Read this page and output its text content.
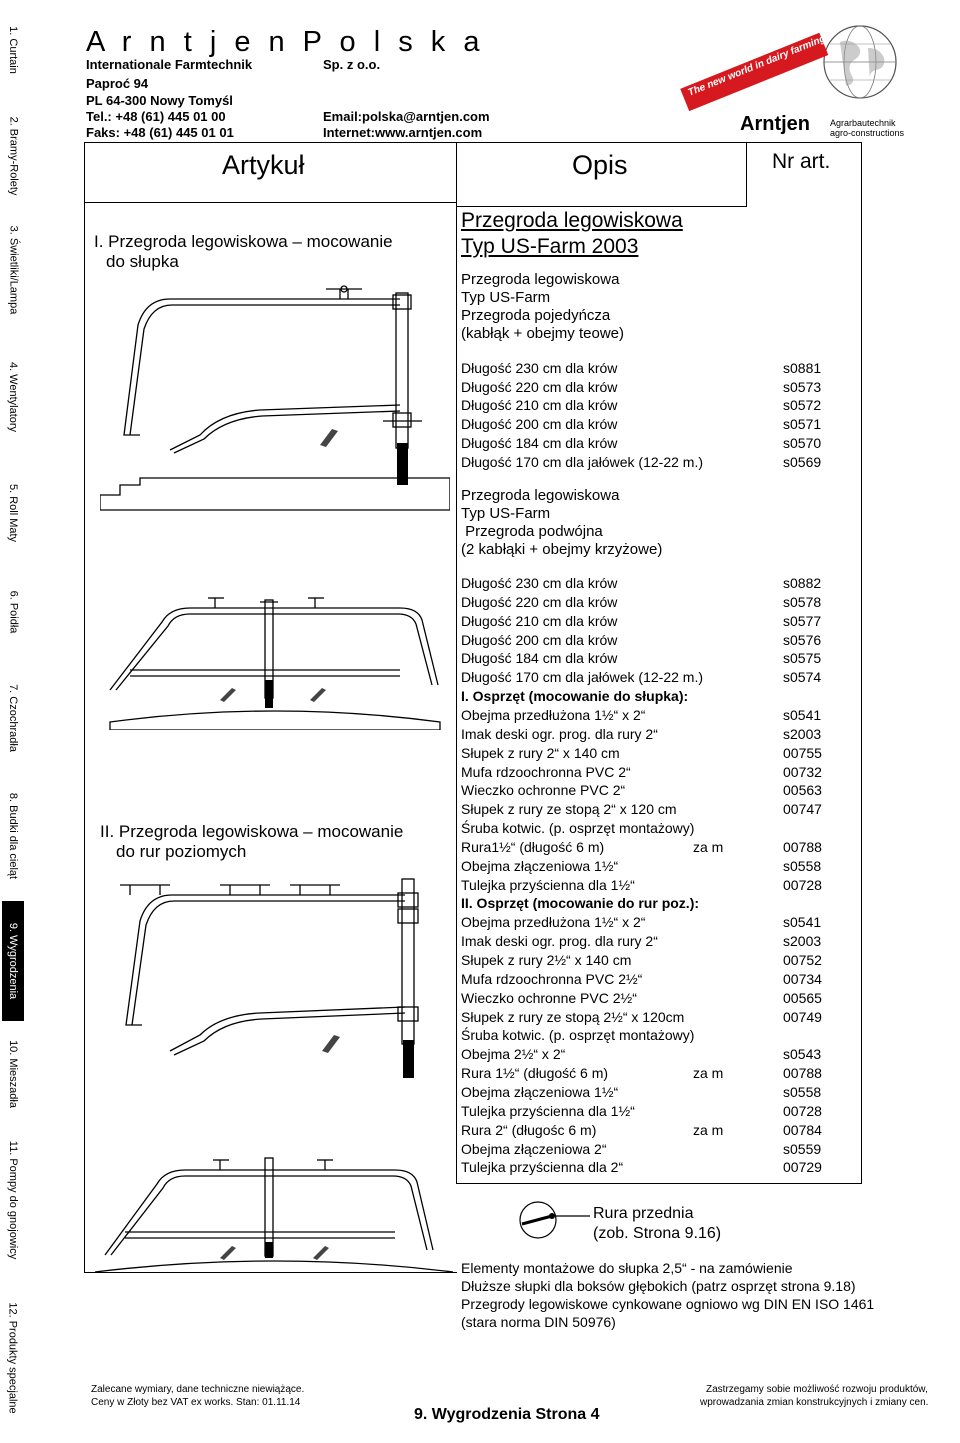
1. Curtain
2. Bramy-Rolety
3. Świetliki/Lampa
4. Wentylatory
5. Roll Maty
6. Poidła
7. Czochradła
8. Budki dla cieląt
9. Wygrodzenia
10. Mieszadła
11. Pompy do gnojowicy
12. Produkty specjalne
A r n t j e n P o l s k a
Internationale Farmtechnik	Sp. z o.o.
Paproć 94
PL 64-300 Nowy Tomyśl
Tel.: +48 (61) 445 01 00
Faks: +48 (61) 445 01 01
Email:polska@arntjen.com
Internet:www.arntjen.com
The new world in dairy farming
Arntjen Agrarbautechnik
agro-constructions
Artykuł	Opis	Nr art.
I. Przegroda legowiskowa – mocowanie
do słupka
II. Przegroda legowiskowa – mocowanie
do rur poziomych
Przegroda legowiskowa
Typ US-Farm 2003
Przegroda legowiskowa
Typ US-Farm
Przegroda pojedyńcza
(kabłąk + obejmy teowe)
Długość 230 cm dla krów	s0881
Długość 220 cm dla krów	s0573
Długość 210 cm dla krów	s0572
Długość 200 cm dla krów	s0571
Długość 184 cm dla krów	s0570
Długość 170 cm dla jałówek (12-22 m.)	s0569
Przegroda legowiskowa
Typ US-Farm
Przegroda podwójna
(2 kabłąki + obejmy krzyżowe)
Długość 230 cm dla krów	s0882
Długość 220 cm dla krów	s0578
Długość 210 cm dla krów	s0577
Długość 200 cm dla krów	s0576
Długość 184 cm dla krów	s0575
Długość 170 cm dla jałówek (12-22 m.)	s0574
I. Osprzęt (mocowanie do słupka):
Obejma przedłużona 1½“ x 2“	s0541
Imak deski ogr. prog. dla rury 2“	s2003
Słupek z rury 2“ x 140 cm	00755
Mufa rdzoochronna PVC 2“	00732
Wieczko ochronne PVC 2“	00563
Słupek z rury ze stopą 2“ x 120 cm	00747
Śruba kotwic. (p. osprzęt montażowy)
Rura1½“ (długość 6 m)	za m	00788
Obejma złączeniowa 1½“	s0558
Tulejka przyścienna dla 1½“	00728
II. Osprzęt (mocowanie do rur poz.):
Obejma przedłużona 1½“ x 2“	s0541
Imak deski ogr. prog. dla rury 2“	s2003
Słupek z rury 2½“ x 140 cm	00752
Mufa rdzoochronna PVC 2½“	00734
Wieczko ochronne PVC 2½“	00565
Słupek z rury ze stopą 2½“ x 120cm	00749
Śruba kotwic. (p. osprzęt montażowy)
Obejma 2½“ x 2“	s0543
Rura 1½“ (długość 6 m)	za m	00788
Obejma złączeniowa 1½“	s0558
Tulejka przyścienna dla 1½“	00728
Rura 2“ (długośc 6 m)	za m	00784
Obejma złączeniowa 2“	s0559
Tulejka przyścienna dla 2“	00729
Rura przednia
(zob. Strona 9.16)
Elementy montażowe do słupka 2,5“ - na zamówienie
Dłuższe słupki dla boksów głębokich (patrz osprzęt strona 9.18)
Przegrody legowiskowe cynkowane ogniowo wg DIN EN ISO 1461
(stara norma DIN 50976)
Zalecane wymiary, dane techniczne niewiążące.
Ceny w Złoty bez VAT ex works. Stan: 01.11.14
9. Wygrodzenia Strona 4
Zastrzegamy sobie możliwość rozwoju produktów,
wprowadzania zmian konstrukcyjnych i zmiany cen.
